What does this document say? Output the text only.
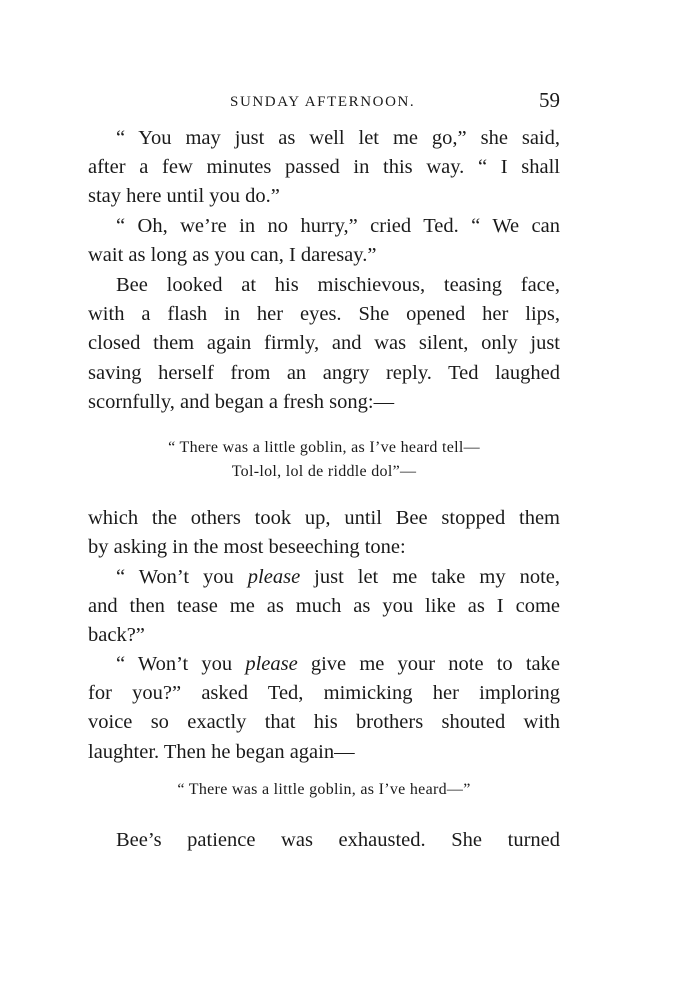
SUNDAY AFTERNOON.	59
“ You may just as well let me go,” she said,
after a few minutes passed in this way. “ I shall
stay here until you do.”
“ Oh, we’re in no hurry,” cried Ted. “ We can
wait as long as you can, I daresay.”
Bee looked at his mischievous, teasing face,
with a flash in her eyes. She opened her lips,
closed them again firmly, and was silent, only just
saving herself from an angry reply. Ted laughed
scornfully, and began a fresh song:—
“ There was a little goblin, as I’ve heard tell—
Tol-lol, lol de riddle dol”—
which the others took up, until Bee stopped them
by asking in the most beseeching tone:
“ Won’t you please just let me take my note,
and then tease me as much as you like as I come
back?”
“ Won’t you please give me your note to take
for you?” asked Ted, mimicking her imploring
voice so exactly that his brothers shouted with
laughter. Then he began again—
“ There was a little goblin, as I’ve heard—”
Bee’s patience was exhausted. She turned
